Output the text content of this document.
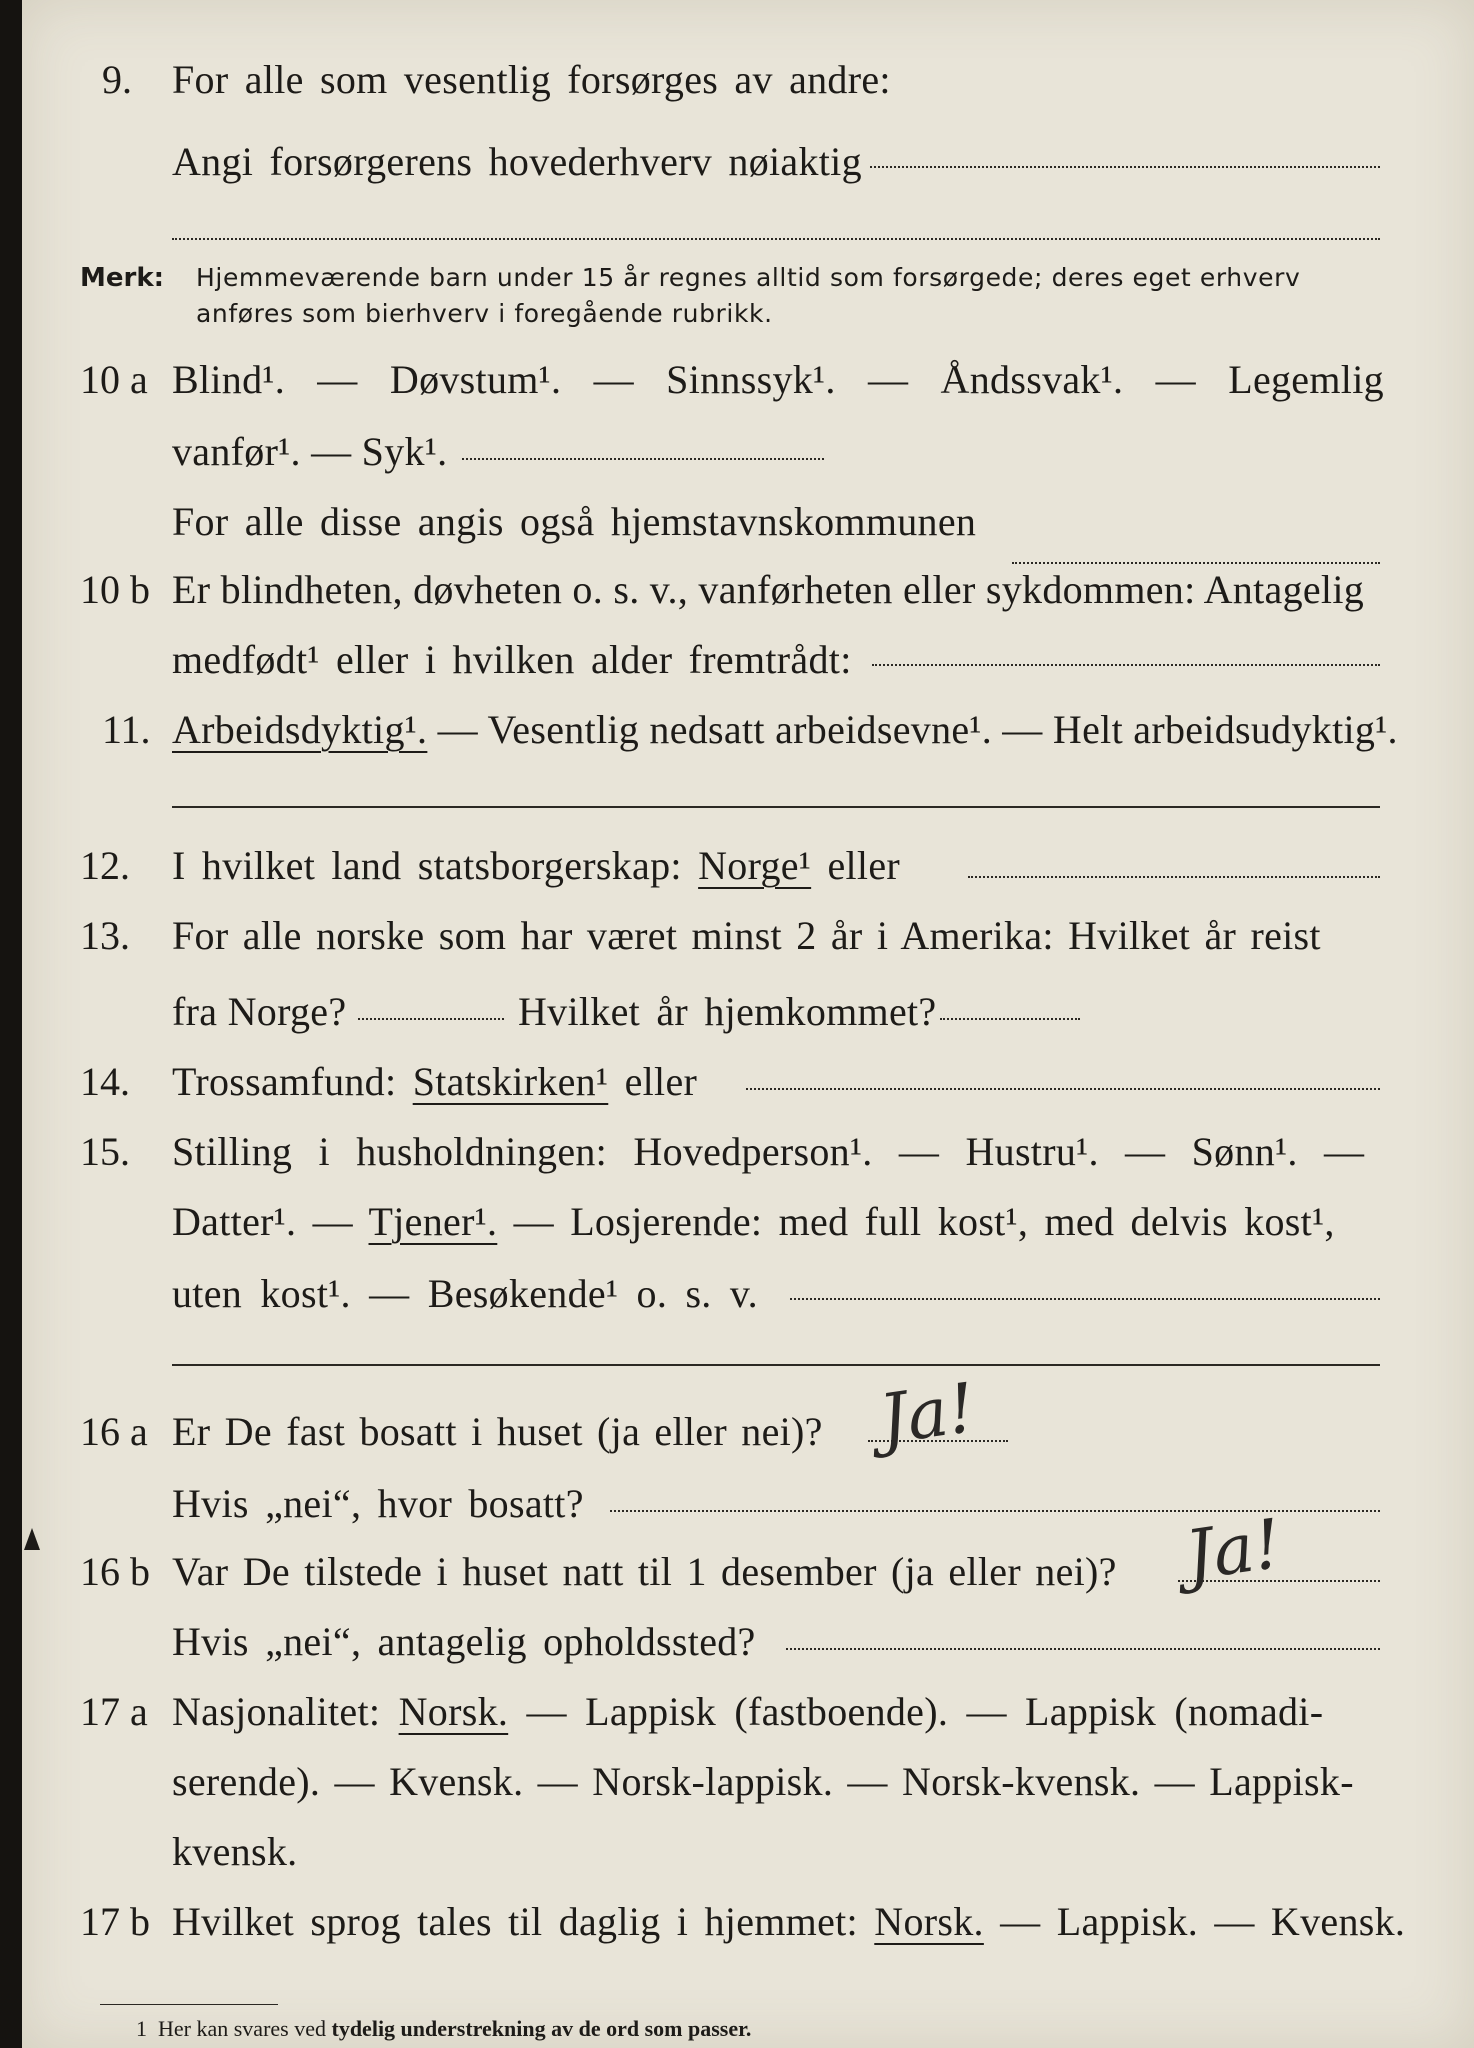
9. For alle som vesentlig forsørges av andre:
Angi forsørgerens hovederhverv nøiaktig
Merk: Hjemmeværende barn under 15 år regnes alltid som forsørgede; deres eget erhverv
anføres som bierhverv i foregående rubrikk.
10 a Blind¹. — Døvstum¹. — Sinnssyk¹. — Åndssvak¹. — Legemlig
vanfør¹. — Syk¹.
For alle disse angis også hjemstavnskommunen
10 b Er blindheten, døvheten o. s. v., vanførheten eller sykdommen: Antagelig
medfødt¹ eller i hvilken alder fremtrådt:
11. Arbeidsdyktig¹. — Vesentlig nedsatt arbeidsevne¹. — Helt arbeidsudyktig¹.
12. I hvilket land statsborgerskap: Norge¹ eller
13. For alle norske som har været minst 2 år i Amerika: Hvilket år reist
fra Norge?	Hvilket år hjemkommet?
14. Trossamfund: Statskirken¹ eller
15. Stilling i husholdningen: Hovedperson¹. — Hustru¹. — Sønn¹. —
Datter¹. — Tjener¹. — Losjerende: med full kost¹, med delvis kost¹,
uten kost¹. — Besøkende¹ o. s. v.
16 a Er De fast bosatt i huset (ja eller nei)? Ja!
Hvis „nei“, hvor bosatt?
16 b Var De tilstede i huset natt til 1 desember (ja eller nei)? Ja!
Hvis „nei“, antagelig opholdssted?
17 a Nasjonalitet: Norsk. — Lappisk (fastboende). — Lappisk (nomadi-
serende). — Kvensk. — Norsk-lappisk. — Norsk-kvensk. — Lappisk-
kvensk.
17 b Hvilket sprog tales til daglig i hjemmet: Norsk. — Lappisk. — Kvensk.
1 Her kan svares ved tydelig understrekning av de ord som passer.
